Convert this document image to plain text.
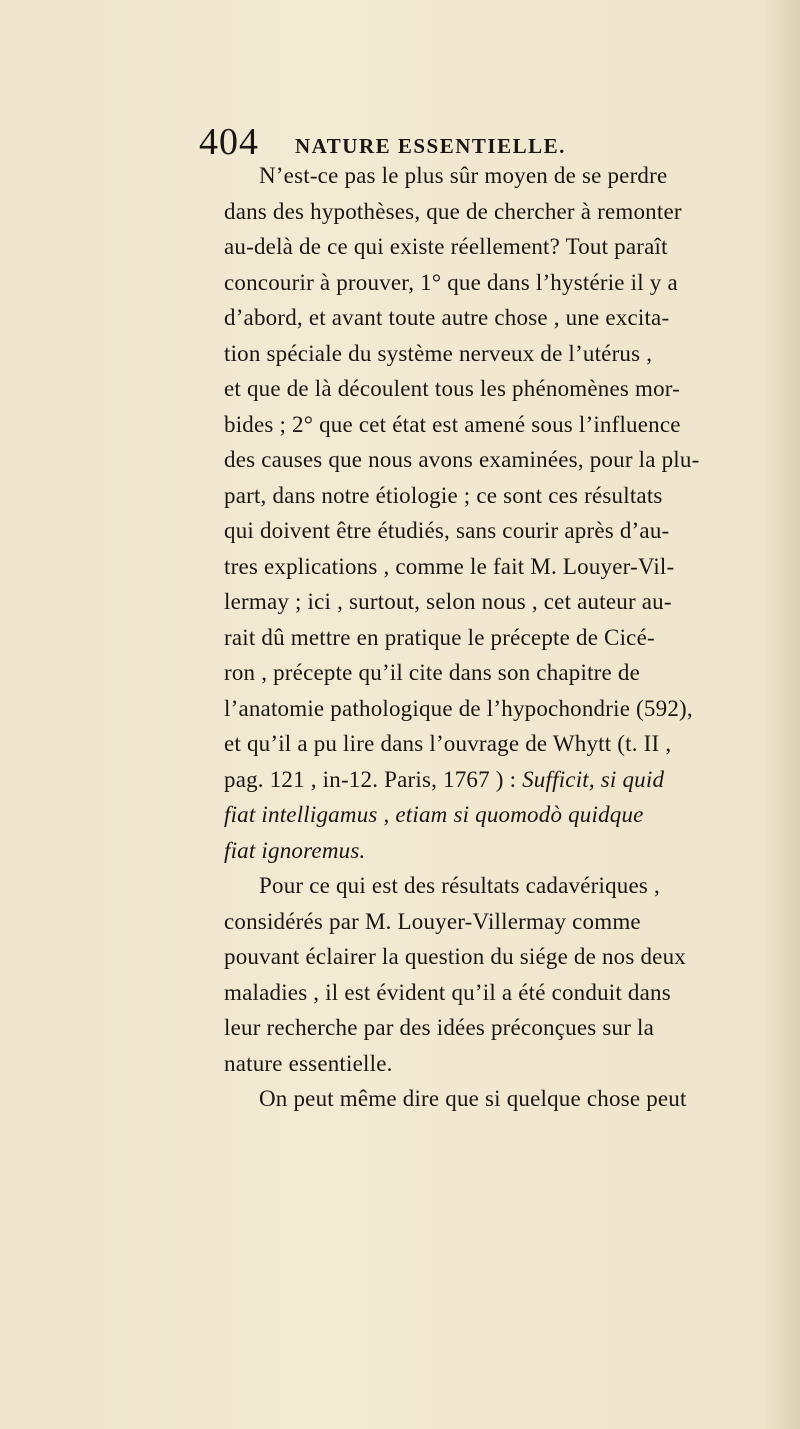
404 NATURE ESSENTIELLE.
N’est-ce pas le plus sûr moyen de se perdre
dans des hypothèses, que de chercher à remonter
au-delà de ce qui existe réellement? Tout paraît
concourir à prouver, 1° que dans l’hystérie il y a
d’abord, et avant toute autre chose , une excita-
tion spéciale du système nerveux de l’utérus ,
et que de là découlent tous les phénomènes mor-
bides ; 2° que cet état est amené sous l’influence
des causes que nous avons examinées, pour la plu-
part, dans notre étiologie ; ce sont ces résultats
qui doivent être étudiés, sans courir après d’au-
tres explications , comme le fait M. Louyer-Vil-
lermay ; ici , surtout, selon nous , cet auteur au-
rait dû mettre en pratique le précepte de Cicé-
ron , précepte qu’il cite dans son chapitre de
l’anatomie pathologique de l’hypochondrie (592),
et qu’il a pu lire dans l’ouvrage de Whytt (t. II ,
pag. 121 , in-12. Paris, 1767 ) : Sufficit, si quid
fiat intelligamus , etiam si quomodò quidque
fiat ignoremus.
Pour ce qui est des résultats cadavériques ,
considérés par M. Louyer-Villermay comme
pouvant éclairer la question du siége de nos deux
maladies , il est évident qu’il a été conduit dans
leur recherche par des idées préconçues sur la
nature essentielle.
On peut même dire que si quelque chose peut
